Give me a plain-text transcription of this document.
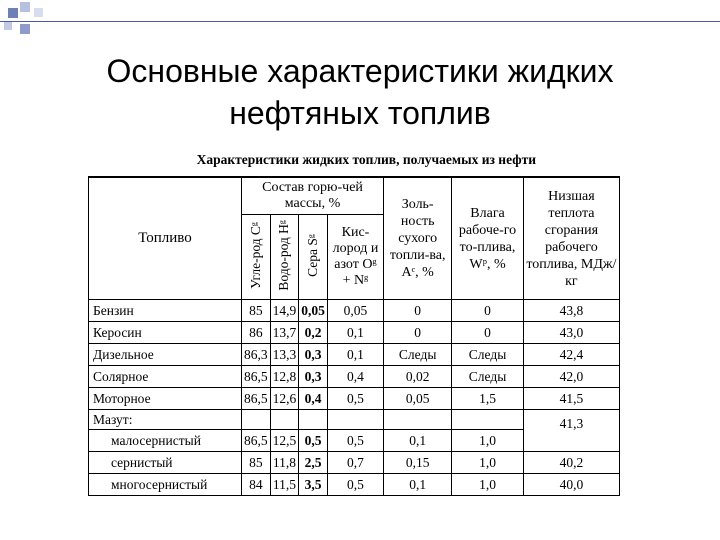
Основные характеристики жидких
нефтяных топлив
Характеристики жидких топлив, получаемых из нефти
Топливо	Состав горю-чей массы, %				Золь-ность сухого топли-ва, Aᶜ, %	Влага рабоче-го то-плива, Wᵖ, %	Низшая теплота сгорания рабочего топлива, МДж/кг
	Угле-род Cᵍ	Водо-род Hᵍ	Сера Sᵍ	Кис-лород и азот Oᵍ + Nᵍ			
Бензин	85	14,9	0,05	0,05	0	0	43,8
Керосин	86	13,7	0,2	0,1	0	0	43,0
Дизельное	86,3	13,3	0,3	0,1	Следы	Следы	42,4
Солярное	86,5	12,8	0,3	0,4	0,02	Следы	42,0
Моторное	86,5	12,6	0,4	0,5	0,05	1,5	41,5
Мазут:							41,3
малосернистый	86,5	12,5	0,5	0,5	0,1	1,0	
сернистый	85	11,8	2,5	0,7	0,15	1,0	40,2
многосернистый	84	11,5	3,5	0,5	0,1	1,0	40,0
